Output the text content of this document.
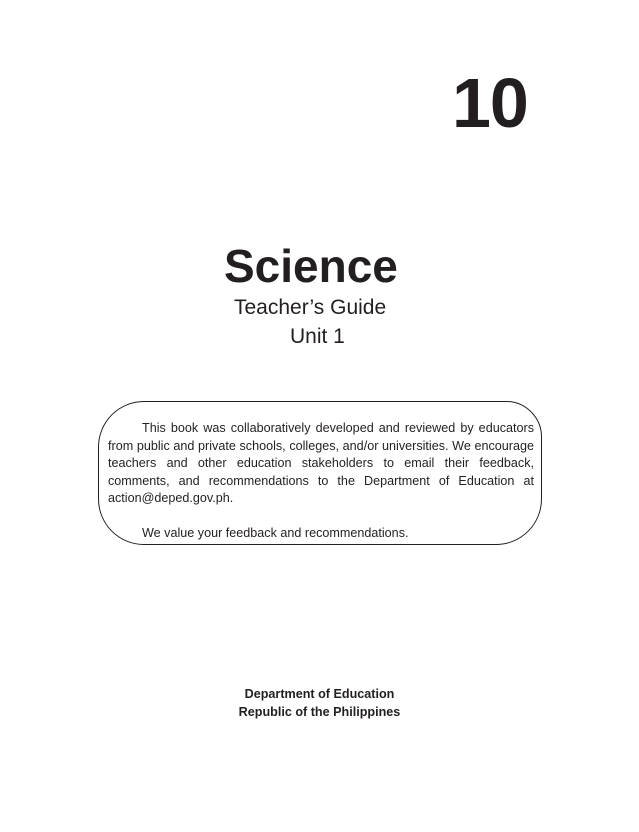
10
Science
Teacher’s Guide
Unit 1

This book was collaboratively developed and reviewed by educators from public and private schools, colleges, and/or universities. We encourage teachers and other education stakeholders to email their feedback, comments, and recommendations to the Department of Education at action@deped.gov.ph.

We value your feedback and recommendations.

Department of Education
Republic of the Philippines
